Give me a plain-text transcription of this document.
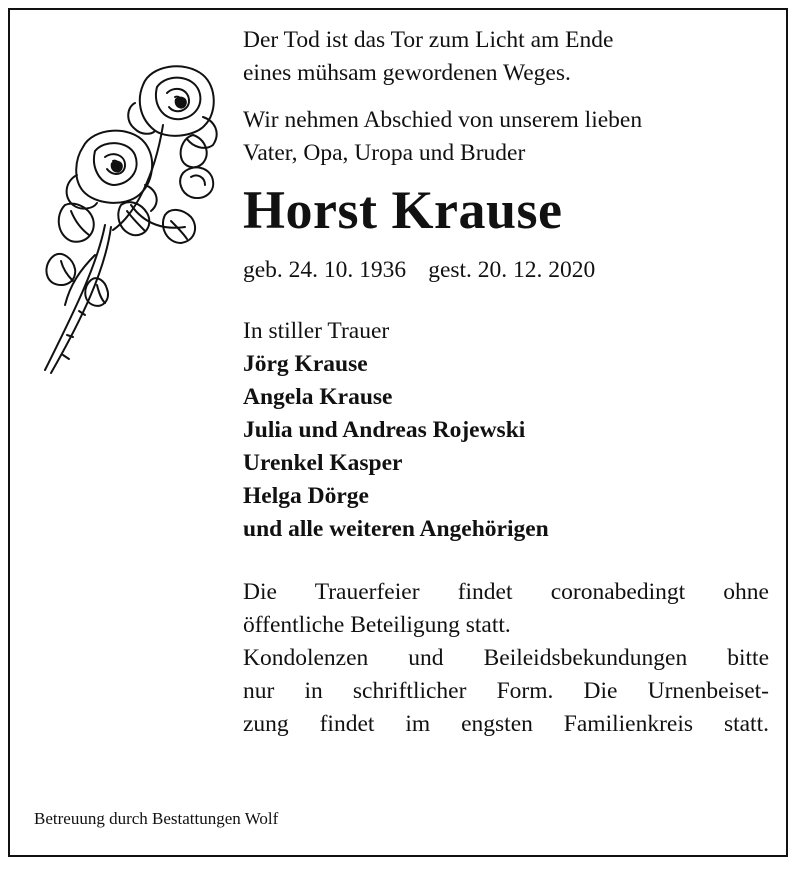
Der Tod ist das Tor zum Licht am Ende
eines mühsam gewordenen Weges.
Wir nehmen Abschied von unserem lieben
Vater, Opa, Uropa und Bruder
Horst Krause
geb. 24. 10. 1936 gest. 20. 12. 2020
In stiller Trauer
Jörg Krause
Angela Krause
Julia und Andreas Rojewski
Urenkel Kasper
Helga Dörge
und alle weiteren Angehörigen
Die Trauerfeier findet coronabedingt ohne
öffentliche Beteiligung statt.
Kondolenzen und Beileidsbekundungen bitte
nur in schriftlicher Form. Die Urnenbeiset-
zung findet im engsten Familienkreis statt.
Betreuung durch Bestattungen Wolf
